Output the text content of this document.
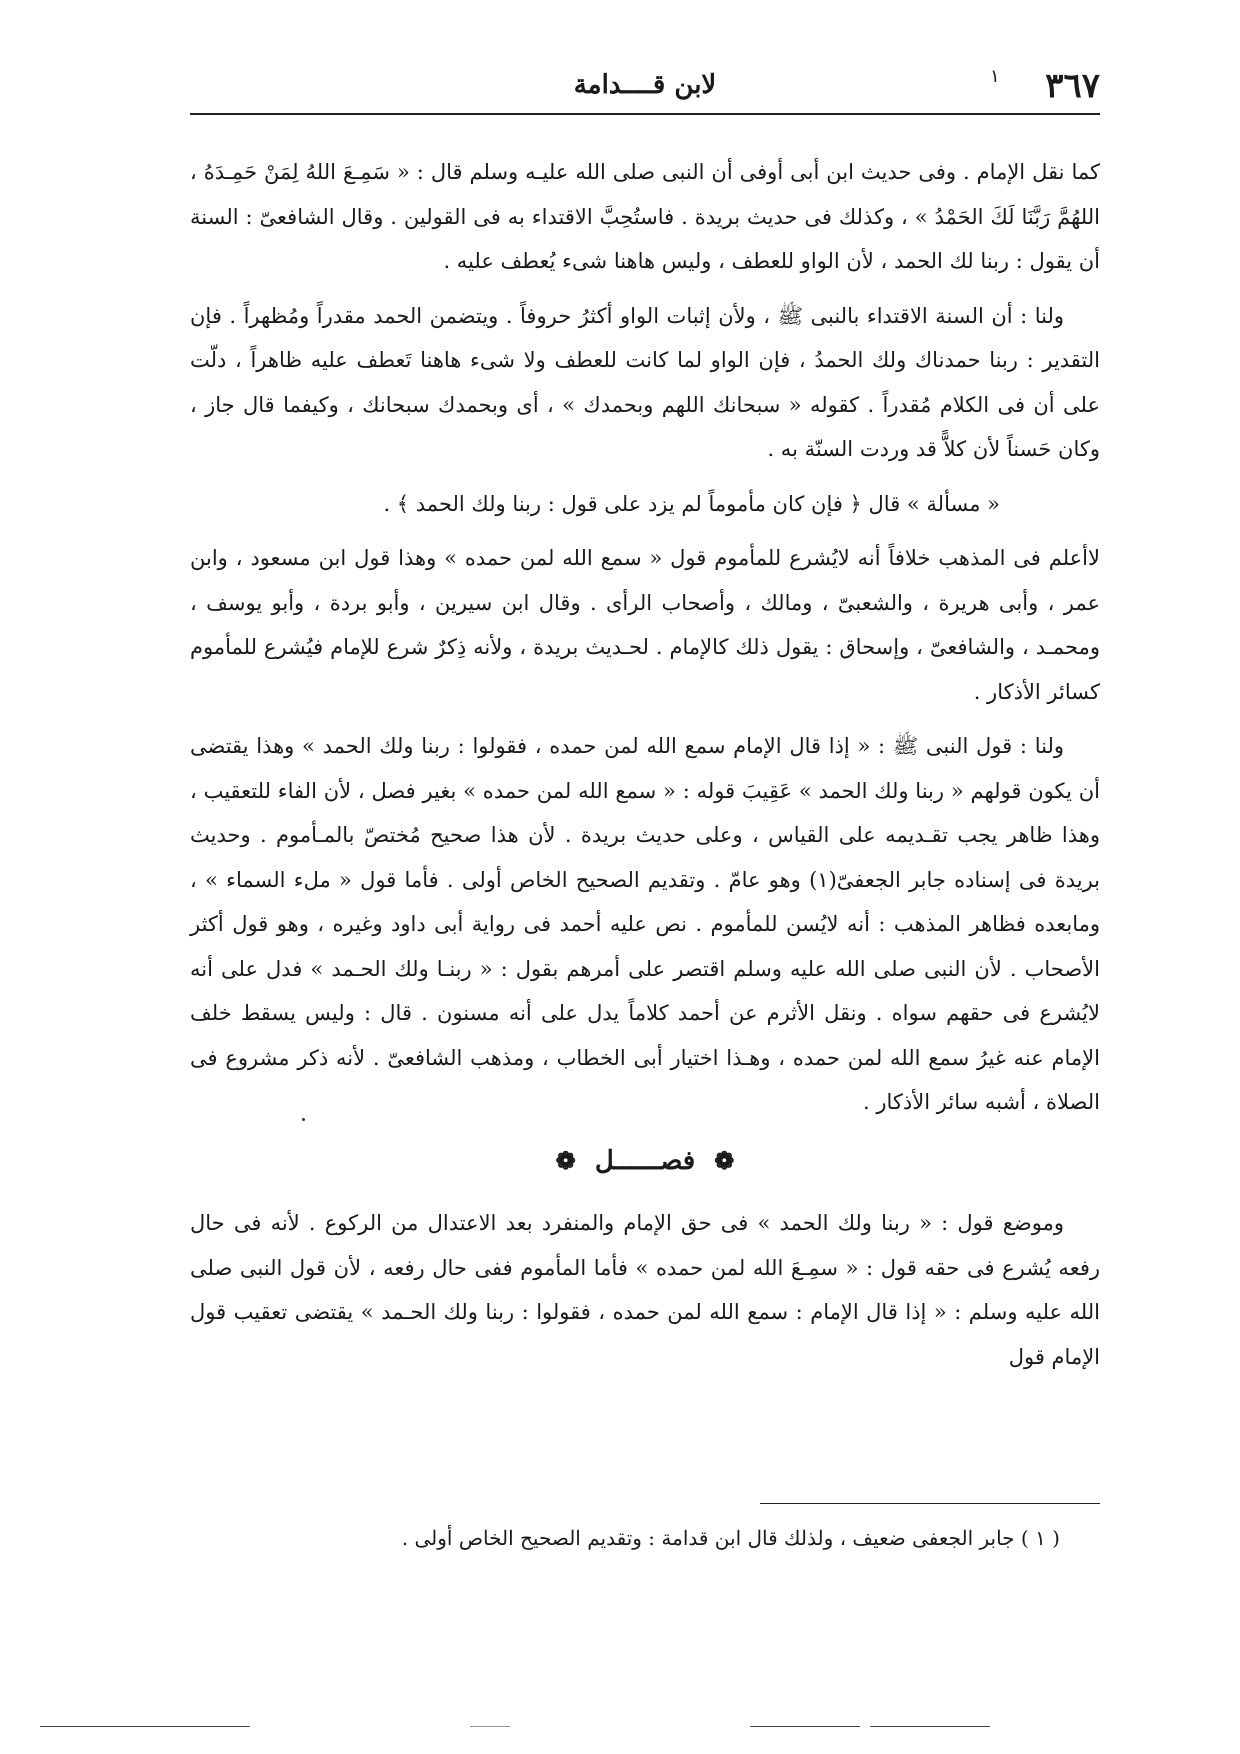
٣٦٧
لابن قــــدامة	١

كما نقل الإمام . وفى حديث ابن أبى أوفى أن النبى صلى الله عليـه وسلم قال : « سَمِـعَ اللهُ لِمَنْ حَمِـدَهُ ، اللهُمَّ رَبَّنَا لَكَ الحَمْدُ » ، وكذلك فى حديث بريدة . فاستُحِبَّ الاقتداء به فى القولين . وقال الشافعىّ : السنة أن يقول : ربنا لك الحمد ، لأن الواو للعطف ، وليس هاهنا شىء يُعطف عليه .

ولنا : أن السنة الاقتداء بالنبى ﷺ ، ولأن إثبات الواو أكثرُ حروفاً . ويتضمن الحمد مقدراً ومُظهراً . فإن التقدير : ربنا حمدناك ولك الحمدُ ، فإن الواو لما كانت للعطف ولا شىء هاهنا تَعطف عليه ظاهراً ، دلّت على أن فى الكلام مُقدراً . كقوله « سبحانك اللهم وبحمدك » ، أى وبحمدك سبحانك ، وكيفما قال جاز ، وكان حَسناً لأن كلاًّ قد وردت السنّة به .

« مسألة » قال ﴿ فإن كان مأموماً لم يزد على قول : ربنا ولك الحمد ﴾ .

لاأعلم فى المذهب خلافاً أنه لايُشرع للمأموم قول « سمع الله لمن حمده » وهذا قول ابن مسعود ، وابن عمر ، وأبى هريرة ، والشعبىّ ، ومالك ، وأصحاب الرأى . وقال ابن سيرين ، وأبو بردة ، وأبو يوسف ، ومحمـد ، والشافعىّ ، وإسحاق : يقول ذلك كالإمام . لحـديث بريدة ، ولأنه ذِكرٌ شرع للإمام فيُشرع للمأموم كسائر الأذكار .

ولنا : قول النبى ﷺ : « إذا قال الإمام سمع الله لمن حمده ، فقولوا : ربنا ولك الحمد » وهذا يقتضى أن يكون قولهم « ربنا ولك الحمد » عَقِيبَ قوله : « سمع الله لمن حمده » بغير فصل ، لأن الفاء للتعقيب ، وهذا ظاهر يجب تقـديمه على القياس ، وعلى حديث بريدة . لأن هذا صحيح مُختصّ بالمـأموم . وحديث بريدة فى إسناده جابر الجعفىّ(١) وهو عامّ . وتقديم الصحيح الخاص أولى . فأما قول « ملء السماء » ، ومابعده فظاهر المذهب : أنه لايُسن للمأموم . نص عليه أحمد فى رواية أبى داود وغيره ، وهو قول أكثر الأصحاب . لأن النبى صلى الله عليه وسلم اقتصر على أمرهم بقول : « ربنـا ولك الحـمد » فدل على أنه لايُشرع فى حقهم سواه . ونقل الأثرم عن أحمد كلاماً يدل على أنه مسنون . قال : وليس يسقط خلف الإمام عنه غيرُ سمع الله لمن حمده ، وهـذا اختيار أبى الخطاب ، ومذهب الشافعىّ . لأنه ذكر مشروع فى الصلاة ، أشبه سائر الأذكار .

❁ فصــــــل ❁

وموضع قول : « ربنا ولك الحمد » فى حق الإمام والمنفرد بعد الاعتدال من الركوع . لأنه فى حال رفعه يُشرع فى حقه قول : « سمِـعَ الله لمن حمده » فأما المأموم ففى حال رفعه ، لأن قول النبى صلى الله عليه وسلم : « إذا قال الإمام : سمع الله لمن حمده ، فقولوا : ربنا ولك الحـمد » يقتضى تعقيب قول الإمام قول

( ١ ) جابر الجعفى ضعيف ، ولذلك قال ابن قدامة : وتقديم الصحيح الخاص أولى .
